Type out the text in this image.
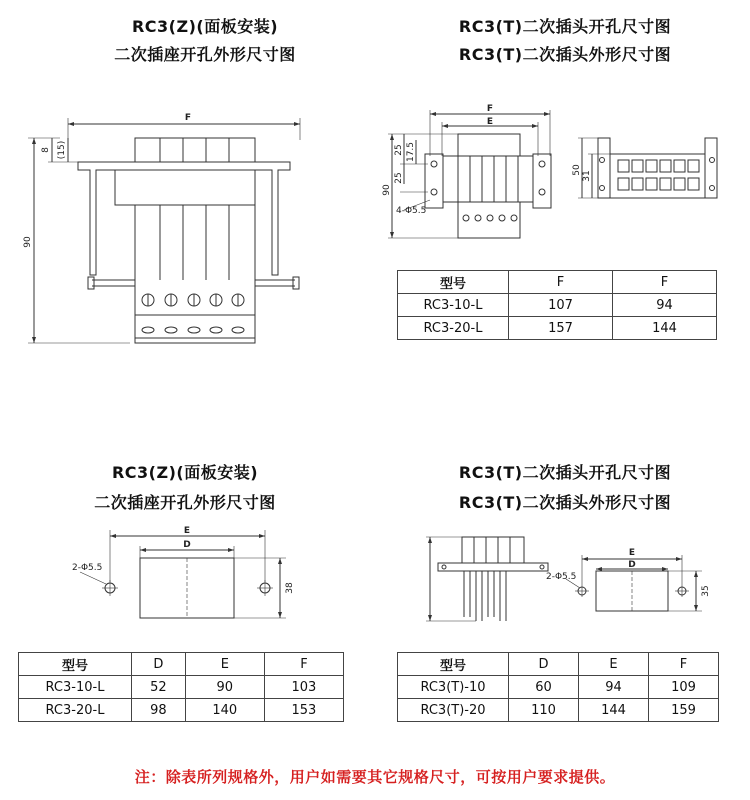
RC3(Z)(面板安装)
二次插座开孔外形尺寸图
F
90
8 (15)
RC3(T)二次插头开孔尺寸图
RC3(T)二次插头外形尺寸图
F
E
90
25 17.5
25
4-Φ5.5
50
31
型号	F	F
RC3-10-L	107	94
RC3-20-L	157	144
RC3(Z)(面板安装)
二次插座开孔外形尺寸图
E
D
2-Φ5.5
38
型号	D	E	F
RC3-10-L	52	90	103
RC3-20-L	98	140	153
RC3(T)二次插头开孔尺寸图
RC3(T)二次插头外形尺寸图
E
D
2-Φ5.5
35
型号	D	E	F
RC3(T)-10	60	94	109
RC3(T)-20	110	144	159
注：除表所列规格外，用户如需要其它规格尺寸，可按用户要求提供。
